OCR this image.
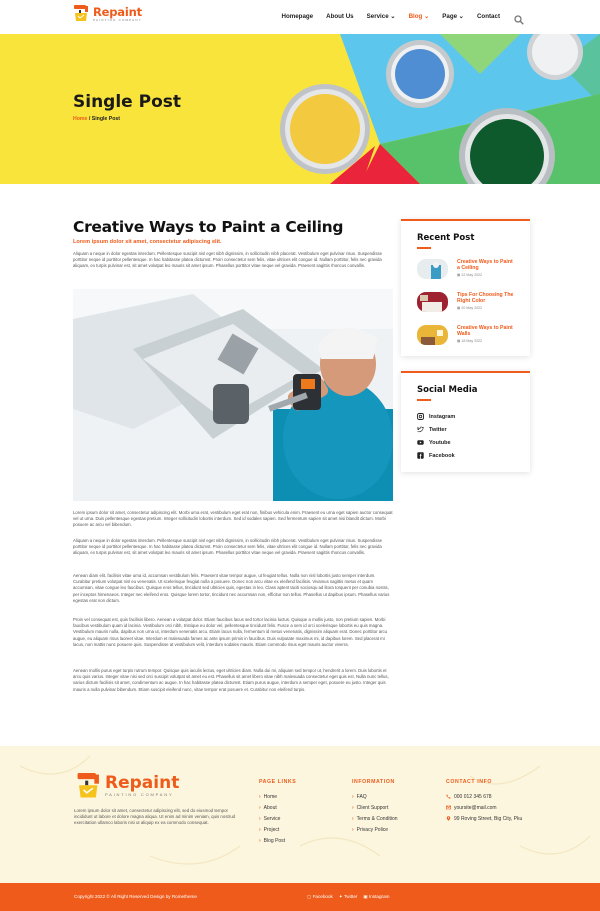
Repaint
PAINTING COMPANY	Homepage About Us Service ⌄ Blog ⌄ Page ⌄ Contact
Single Post
Home / Single Post
Creative Ways to Paint a Ceiling
Lorem ipsum dolor sit amet, consectetur adipiscing elit.
Aliquam a neque in dolor egestas interdum. Pellentesque suscipit nisl eget nibh dignissim, in sollicitudin nibh placerat. Vestibulum eget pulvinar risus. Suspendisse porttitor neque id porttitor pellentesque. In hac habitasse platea dictumst. Proin consectetur sem felis, vitae ultrices elit congue id. Nullam porttitor, felis nec gravida aliquam, ex turpis pulvinar est, sit amet volutpat leo mauris sit amet ipsum. Phasellus porttitor vitae neque vel gravida. Praesent sagittis rhoncus convallis.
Lorem ipsum dolor sit amet, consectetur adipiscing elit. Morbi urna erat, vestibulum eget erat non, finibus vehicula enim. Praesent eu urna eget sapien auctor consequat vel ut urna. Duis pellentesque egestas pretium. Integer sollicitudin lobortis interdum. Sed id sodales sapien. Sed fermentum sapien sit amet nisi blandit dictum. Morbi posuere ac arcu vel bibendum.
Aliquam a neque in dolor egestas interdum. Pellentesque suscipit nisl eget nibh dignissim, in sollicitudin nibh placerat. Vestibulum eget pulvinar risus. Suspendisse porttitor neque id porttitor pellentesque. In hac habitasse platea dictumst. Proin consectetur sem felis, vitae ultrices elit congue id. Nullam porttitor, felis nec gravida aliquam, ex turpis pulvinar est, sit amet volutpat leo mauris sit amet ipsum. Phasellus porttitor vitae neque vel gravida. Praesent sagittis rhoncus convallis.
Aenean diam elit, facilisis vitae urna id, accumsan vestibulum felis. Praesent vitae tempor augue, ut feugiat tellus. Nulla non nisl lobortis justo semper interdum. Curabitur pretium volutpat nisl eu venenatis. Ut scelerisque feugiat nulla a posuere. Donec non arcu vitae ex eleifend facilisis. Vivamus sagittis metus et quam accumsan, vitae congue leo faucibus. Quisque eros tellus, tincidunt sed ultricies quis, egestas in leo. Class aptent taciti sociosqu ad litora torquent per conubia nostra, per inceptos himenaeos. Integer nec eleifend eros. Quisque lorem tortor, tincidunt nec accumsan non, efficitur non tellus. Phasellus ut dapibus ipsum. Phasellus varius egestas erat non dictum.
Proin vel consequat est, quis facilisis libero. Aenean a volutpat dolor. Etiam faucibus lacus sed tortor lacinia luctus. Quisque a mollis justo, non pretium sapien. Morbi faucibus vestibulum quam id lacinia. Vestibulum orci nibh, tristique eu dolor vel, pellentesque tincidunt felis. Fusce a sem id orci scelerisque lobortis eu quis magna. Vestibulum mauris nulla, dapibus non urna ut, interdum venenatis arcu. Etiam lacus nulla, fermentum id metus venenatis, dignissim aliquam erat. Donec porttitor arcu augue, eu aliquam risus laoreet vitae. Interdum et malesuada fames ac ante ipsum primis in faucibus. Duis vulputate maximus mi, id dapibus lorem. Sed placerat mi lacus, non mattis nunc posuere quis. Suspendisse at vestibulum velit, interdum sodales mauris. Etiam commodo risus eget mauris auctor viverra.
Aenean mollis purus eget turpis rutrum tempor. Quisque quis iaculis lectus, eget ultricies diam. Nulla dui mi, aliquam sed tempor ut, hendrerit a lorem. Duis lobortis et arcu quis varius. Integer vitae nisi sed orci suscipit volutpat sit amet eu est. Phasellus sit amet libero vitae nibh malesuada consectetur eget quis est. Nulla nunc tellus, varius dictum facilisis sit amet, condimentum ac augue. In hac habitasse platea dictumst. Etiam purus augue, interdum a semper eget, posuere eu justo. Integer quis mauris a nulla pulvinar bibendum. Etiam suscipit eleifend nunc, vitae tempor erat posuere et. Curabitur non eleifend turpis.
Recent Post
Creative Ways to Paint a Ceiling
▦ 22 May 2022
Tips For Choosing The Right Color
▦ 20 May 2022
Creative Ways to Paint Walls
▦ 18 May 2022
Social Media
Instagram
Twitter
Youtube
Facebook
Repaint
PAINTING COMPANY
Lorem ipsum dolor sit amet, consectetur adipiscing elit, sed do eiusmod tempor incididunt ut labore et dolore magna aliqua. Ut enim ad minim veniam, quis nostrud exercitation ullamco laboris nisi ut aliquip ex ea commodo consequat.
PAGE LINKS
› Home
› About
› Service
› Project
› Blog Post
INFORMATION
› FAQ
› Client Support
› Terms & Condition
› Privacy Police
CONTACT INFO
000 012 345 678
yoursite@mail.com
99 Roving Street, Big City, Pku
Copyright 2022 © All Right Reserved Design by Rometheme	▢ Facebook ✦ Twitter ▣ Instagram
